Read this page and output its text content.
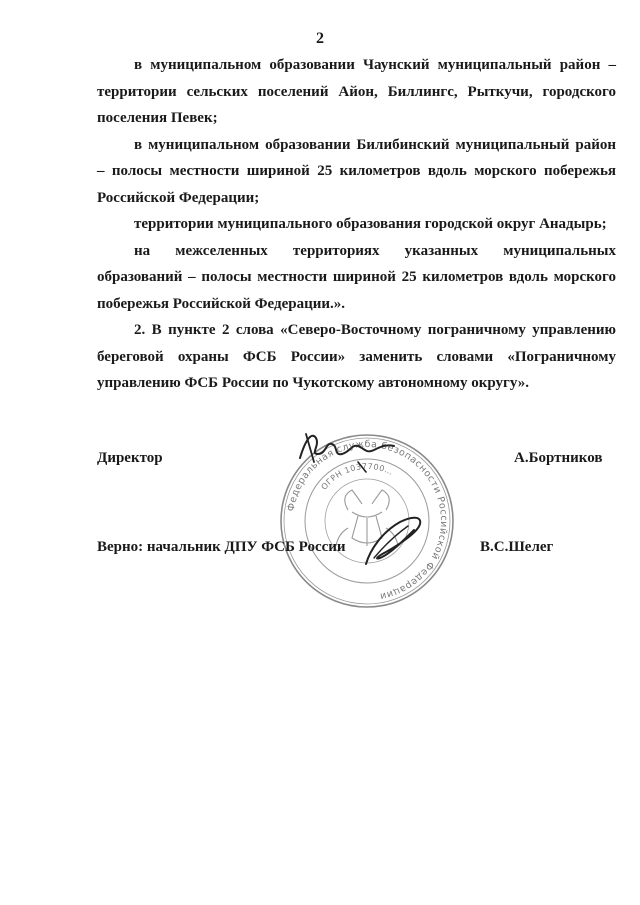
2

в муниципальном образовании Чаунский муниципальный район – территории сельских поселений Айон, Биллингс, Рыткучи, городского поселения Певек;

в муниципальном образовании Билибинский муниципальный район – полосы местности шириной 25 километров вдоль морского побережья Российской Федерации;

территории муниципального образования городской округ Анадырь;

на межселенных территориях указанных муниципальных образований – полосы местности шириной 25 километров вдоль морского побережья Российской Федерации.».

2. В пункте 2 слова «Северо-Восточному пограничному управлению береговой охраны ФСБ России» заменить словами «Пограничному управлению ФСБ России по Чукотскому автономному округу».

Федеральная служба безопасности Российской Федерации
ОГРН 1037700…
Директор	А.Бортников
Верно: начальник ДПУ ФСБ России	В.С.Шелег
